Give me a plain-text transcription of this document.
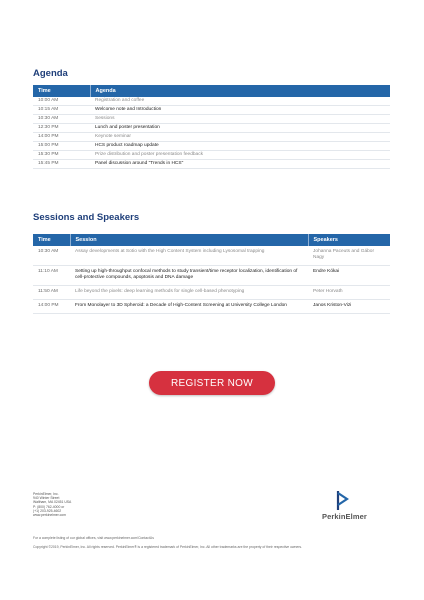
Agenda
Time	Agenda
10:00 AM	Registration and coffee
10:15 AM	Welcome note and Introduction
10:30 AM	Sessions
12:30 PM	Lunch and poster presentation
14:00 PM	Keynote seminar
15:00 PM	HCS product roadmap update
15:30 PM	Prize distribution and poster presentation feedback
15:45 PM	Panel discussion around "Trends in HCS"
Sessions and Speakers
Time	Session	Speakers
10:30 AM	Assay developments at Sotio with the High Content System including Lysosomal trapping	Johanna Paceuts and Gábor Nagy
11:10 AM	Setting up high-throughput confocal methods to study transient/time receptor localization, identification of cell-protective compounds, apoptosis and DNA damage	Endre Kókai
11:50 AM	Life beyond the pixels: deep learning methods for single cell-based phenotyping	Peter Horvath
14:00 PM	From Monolayer to 3D Spheroid: a Decade of High-Content Screening at University College London	Janos Kriston-Vizi
REGISTER NOW
PerkinElmer, Inc.
940 Winter Street
Waltham, MA 02451 USA
P: (800) 762-4000 or
(+1) 203-925-4602
www.perkinelmer.com	PerkinElmer
For a complete listing of our global offices, visit www.perkinelmer.com/ContactUs
Copyright ©2019, PerkinElmer, Inc. All rights reserved. PerkinElmer® is a registered trademark of PerkinElmer, Inc. All other trademarks are the property of their respective owners.
